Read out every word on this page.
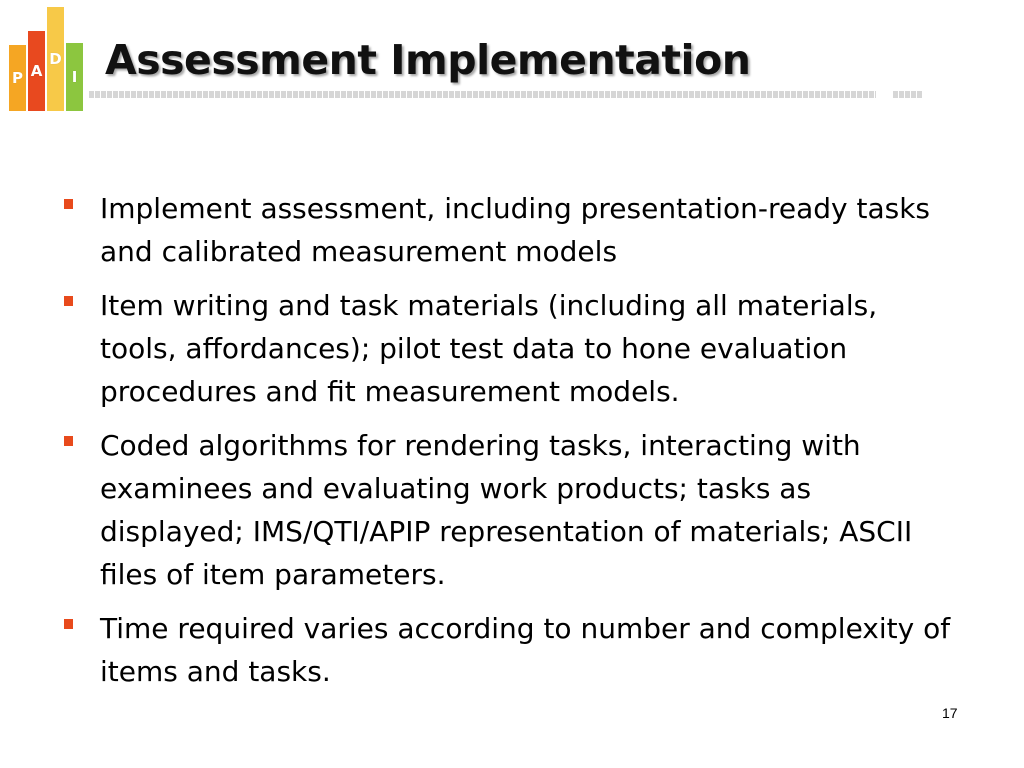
P A
D
I Assessment Implementation
Implement assessment, including presentation-ready tasks and calibrated measurement models
Item writing and task materials (including all materials, tools, affordances); pilot test data to hone evaluation procedures and fit measurement models.
Coded algorithms for rendering tasks, interacting with examinees and evaluating work products; tasks as displayed; IMS/QTI/APIP representation of materials; ASCII files of item parameters.
Time required varies according to number and complexity of items and tasks.
17
